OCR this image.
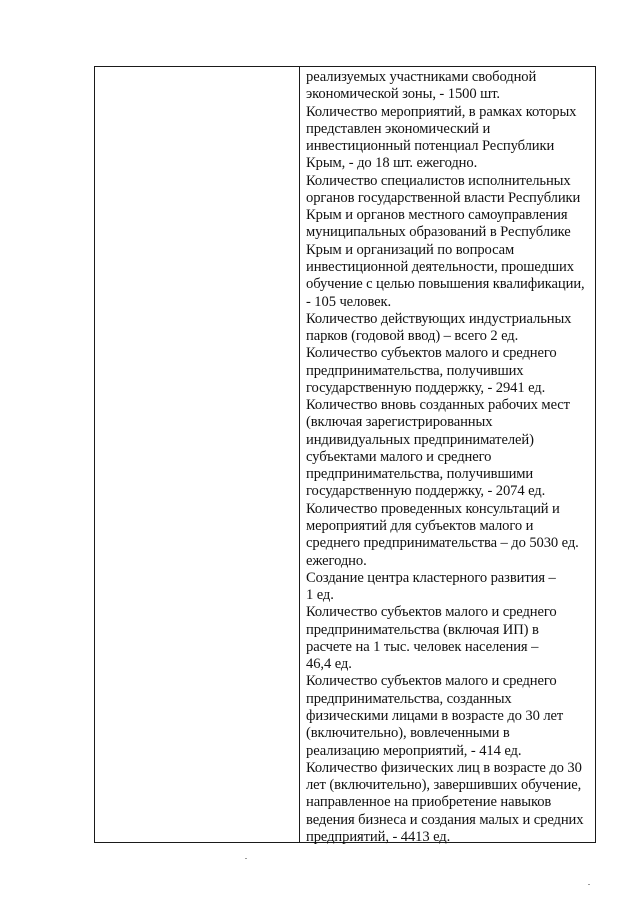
реализуемых участниками свободной
экономической зоны, - 1500 шт.
Количество мероприятий, в рамках которых
представлен экономический и
инвестиционный потенциал Республики
Крым, - до 18 шт. ежегодно.
Количество специалистов исполнительных
органов государственной власти Республики
Крым и органов местного самоуправления
муниципальных образований в Республике
Крым и организаций по вопросам
инвестиционной деятельности, прошедших
обучение с целью повышения квалификации,
- 105 человек.
Количество действующих индустриальных
парков (годовой ввод) – всего 2 ед.
Количество субъектов малого и среднего
предпринимательства, получивших
государственную поддержку, - 2941 ед.
Количество вновь созданных рабочих мест
(включая зарегистрированных
индивидуальных предпринимателей)
субъектами малого и среднего
предпринимательства, получившими
государственную поддержку, - 2074 ед.
Количество проведенных консультаций и
мероприятий для субъектов малого и
среднего предпринимательства – до 5030 ед.
ежегодно.
Создание центра кластерного развития –
1 ед.
Количество субъектов малого и среднего
предпринимательства (включая ИП) в
расчете на 1 тыс. человек населения –
46,4 ед.
Количество субъектов малого и среднего
предпринимательства, созданных
физическими лицами в возрасте до 30 лет
(включительно), вовлеченными в
реализацию мероприятий, - 414 ед.
Количество физических лиц в возрасте до 30
лет (включительно), завершивших обучение,
направленное на приобретение навыков
ведения бизнеса и создания малых и средних
предприятий, - 4413 ед.
